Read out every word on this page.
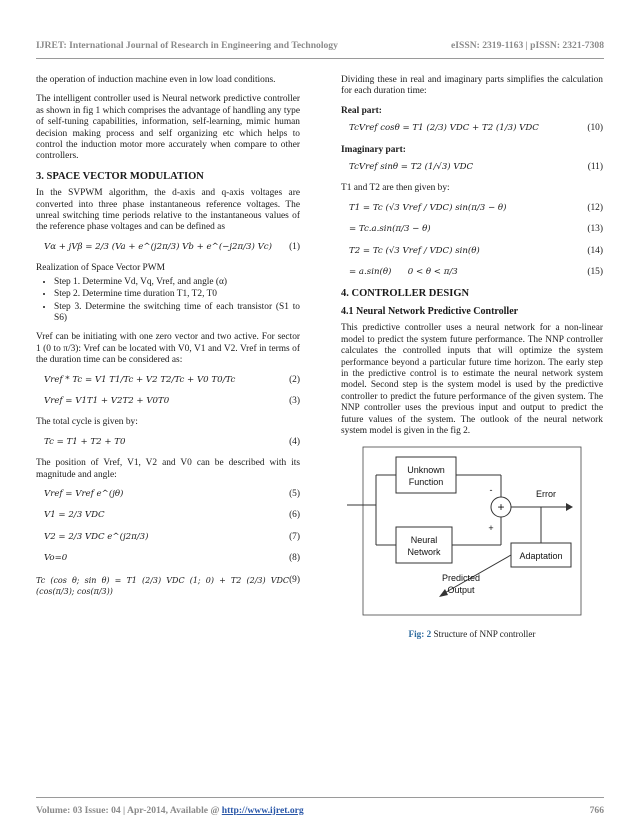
IJRET: International Journal of Research in Engineering and Technology	eISSN: 2319-1163 | pISSN: 2321-7308

the operation of induction machine even in low load conditions.

The intelligent controller used is Neural network predictive controller as shown in fig 1 which comprises the advantage of handling any type of self-tuning capabilities, information, self-learning, mimic human decision making process and self organizing etc which helps to control the induction motor more accurately when compare to other controllers.

3. SPACE VECTOR MODULATION

In the SVPWM algorithm, the d-axis and q-axis voltages are converted into three phase instantaneous reference voltages. The unreal switching time periods relative to the instantaneous values of the reference phase voltages and can be defined as

Vα + jVβ = 2/3 (Va + e^(j2π/3) Vb + e^(−j2π/3) Vc) (1)

Realization of Space Vector PWM

• Step 1. Determine Vd, Vq, Vref, and angle (α)
• Step 2. Determine time duration T1, T2, T0
• Step 3. Determine the switching time of each transistor (S1 to S6)

Vref can be initiating with one zero vector and two active. For sector 1 (0 to π/3): Vref can be located with V0, V1 and V2. Vref in terms of the duration time can be considered as:

Vref * Tc = V1 T1/Tc + V2 T2/Tc + V0 T0/Tc	(2)
Vref = V1T1 + V2T2 + V0T0	(3)

The total cycle is given by:

Tc = T1 + T2 + T0	(4)

The position of Vref, V1, V2 and V0 can be described with its magnitude and angle:

Vref = Vref e^(jθ)	(5)
V1 = 2/3 VDC	(6)
V2 = 2/3 VDC e^(j2π/3)	(7)
Vo=0	(8)
Tc (cos θ; sin θ) = T1 (2/3) VDC (1; 0) + T2 (2/3) VDC (cos(π/3); cos(π/3))
(9)

Dividing these in real and imaginary parts simplifies the calculation for each duration time:

Real part:

TcVref cosθ = T1 (2/3) VDC + T2 (1/3) VDC	(10)

Imaginary part:

TcVref sinθ = T2 (1/√3) VDC	(11)

T1 and T2 are then given by:

T1 = Tc (√3 Vref / VDC) sin(π/3 − θ)	(12)
= Tc.a.sin(π/3 − θ)	(13)
T2 = Tc (√3 Vref / VDC) sin(θ)	(14)
= a.sin(θ)      0 < θ < π/3	(15)
4. CONTROLLER DESIGN
4.1 Neural Network Predictive Controller

This predictive controller uses a neural network for a non-linear model to predict the system future performance. The NNP controller calculates the controlled inputs that will optimize the system performance beyond a particular future time horizon. The early step in the predictive control is to estimate the neural network system model. Second step is the system model is used by the predictive controller to predict the future performance of the given system. The NNP controller uses the previous input and output to predict the future values of the system. The outlook of the neural network system model is given in the fig 2.

Unknown
Function
Neural
Network
+
-
+
Error
Adaptation
Predicted
Output
Fig: 2 Structure of NNP controller
Volume: 03 Issue: 04 | Apr-2014, Available @ http://www.ijret.org	766
